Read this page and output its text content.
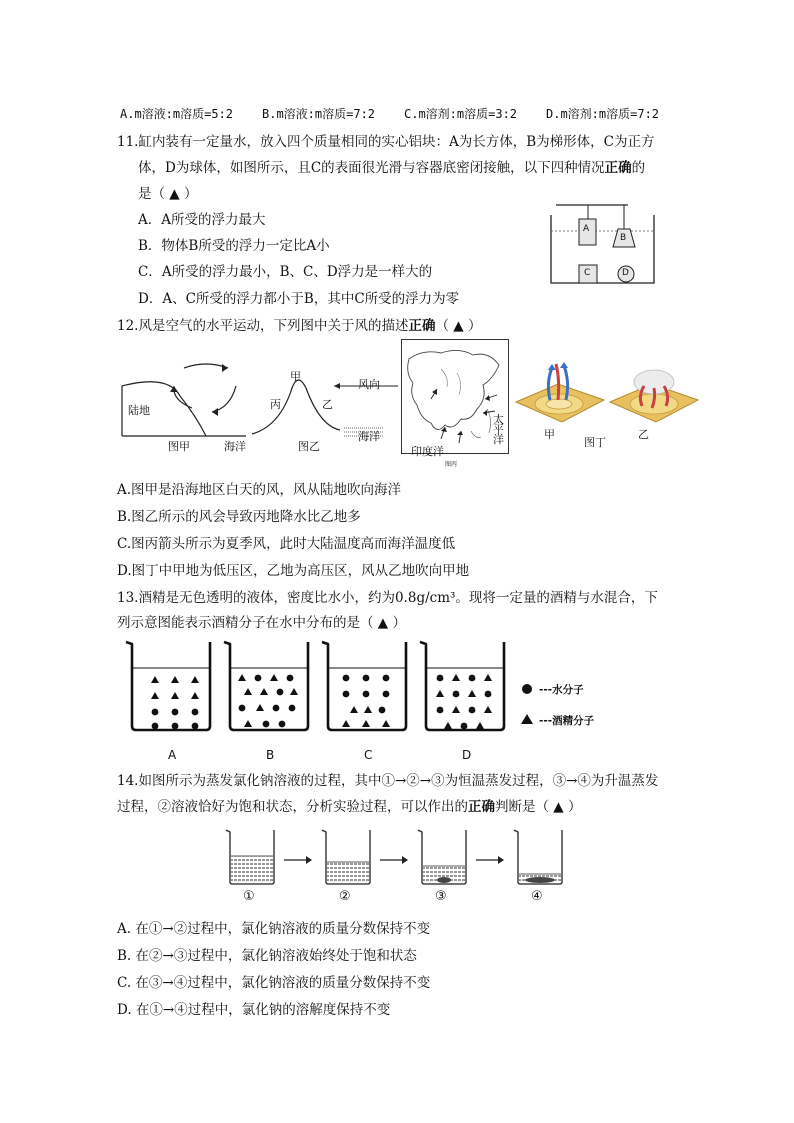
A.m溶液:m溶质=5:2 B.m溶液:m溶质=7:2 C.m溶剂:m溶质=3:2 D.m溶剂:m溶质=7:2
11.缸内装有一定量水，放入四个质量相同的实心铝块：A为长方体，B为梯形体，C为正方
体，D为球体，如图所示，且C的表面很光滑与容器底密闭接触，以下四种情况正确的
是（ ▲ ）
A．A所受的浮力最大
B．物体B所受的浮力一定比A小
C．A所受的浮力最小，B、C、D浮力是一样大的
D．A、C所受的浮力都小于B，其中C所受的浮力为零
A
B
C	D
12.风是空气的水平运动，下列图中关于风的描述正确（ ▲ ）
陆地
海洋
图甲
甲
丙	乙
风向
海洋
图乙
太平洋
印度洋
图丙
甲	乙
图丁
A.图甲是沿海地区白天的风，风从陆地吹向海洋
B.图乙所示的风会导致丙地降水比乙地多
C.图丙箭头所示为夏季风，此时大陆温度高而海洋温度低
D.图丁中甲地为低压区，乙地为高压区，风从乙地吹向甲地
13.酒精是无色透明的液体，密度比水小，约为0.8g/cm³。现将一定量的酒精与水混合，下
列示意图能表示酒精分子在水中分布的是（ ▲ ）
A	B	C	D
---水分子
---酒精分子
14.如图所示为蒸发氯化钠溶液的过程，其中①→②→③为恒温蒸发过程，③→④为升温蒸发
过程，②溶液恰好为饱和状态，分析实验过程，可以作出的正确判断是（ ▲ ）
①	②	③	④
A. 在①→②过程中，氯化钠溶液的质量分数保持不变
B. 在②→③过程中，氯化钠溶液始终处于饱和状态
C. 在③→④过程中，氯化钠溶液的质量分数保持不变
D. 在①→④过程中，氯化钠的溶解度保持不变
